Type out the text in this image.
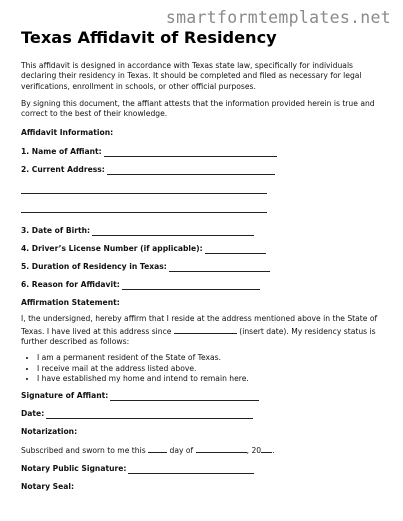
smartformtemplates.net
Texas Affidavit of Residency

This affidavit is designed in accordance with Texas state law, specifically for individuals declaring their residency in Texas. It should be completed and filed as necessary for legal verifications, enrollment in schools, or other official purposes.

By signing this document, the affiant attests that the information provided herein is true and correct to the best of their knowledge.

Affidavit Information:
1. Name of Affiant:
2. Current Address:
3. Date of Birth:
4. Driver’s License Number (if applicable):
5. Duration of Residency in Texas:
6. Reason for Affidavit:
Affirmation Statement:

I, the undersigned, hereby affirm that I reside at the address mentioned above in the State of Texas. I have lived at this address since	(insert date). My residency status is further described as follows:

• I am a permanent resident of the State of Texas.
• I receive mail at the address listed above.
• I have established my home and intend to remain here.
Signature of Affiant:
Date:
Notarization:
Subscribed and sworn to me this	day of	, 20 .
Notary Public Signature:
Notary Seal:
